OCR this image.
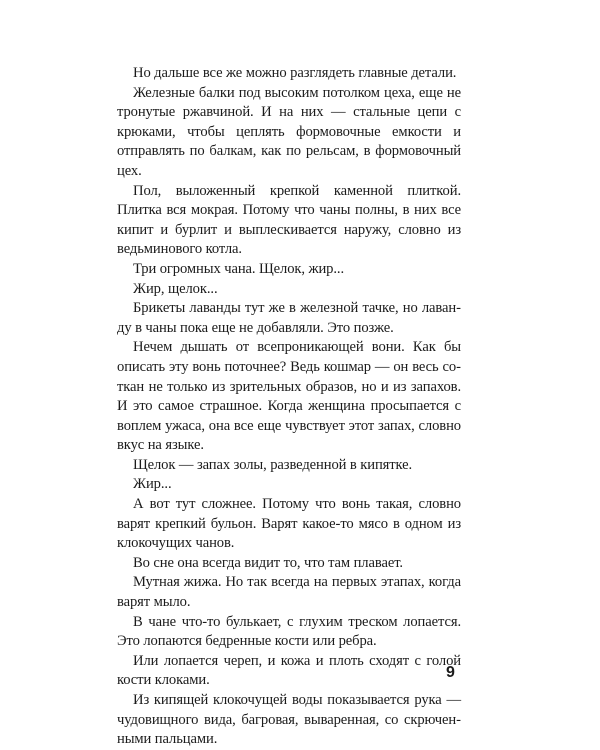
Но дальше все же можно разглядеть главные детали.

Железные балки под высоким потолком цеха, еще не тронутые ржавчиной. И на них — стальные цепи с крюками, чтобы цеплять формовочные емкости и отправлять по балкам, как по рельсам, в формовочный цех.

Пол, выложенный крепкой каменной плиткой. Плитка вся мокрая. Потому что чаны полны, в них все кипит и бурлит и выплескивается наружу, словно из ведьминового котла.

Три огромных чана. Щелок, жир...

Жир, щелок...

Брикеты лаванды тут же в железной тачке, но лаванду в чаны пока еще не добавляли. Это позже.

Нечем дышать от всепроникающей вони. Как бы описать эту вонь поточнее? Ведь кошмар — он весь соткан не только из зрительных образов, но и из запахов. И это самое страшное. Когда женщина просыпается с воплем ужаса, она все еще чувствует этот запах, словно вкус на языке.

Щелок — запах золы, разведенной в кипятке.

Жир...

А вот тут сложнее. Потому что вонь такая, словно варят крепкий бульон. Варят какое-то мясо в одном из клокочущих чанов.

Во сне она всегда видит то, что там плавает.

Мутная жижа. Но так всегда на первых этапах, когда варят мыло.

В чане что-то булькает, с глухим треском лопается. Это лопаются бедренные кости или ребра.

Или лопается череп, и кожа и плоть сходят с голой кости клоками.

Из кипящей клокочущей воды показывается рука — чудовищного вида, багровая, вываренная, со скрюченными пальцами.

9
